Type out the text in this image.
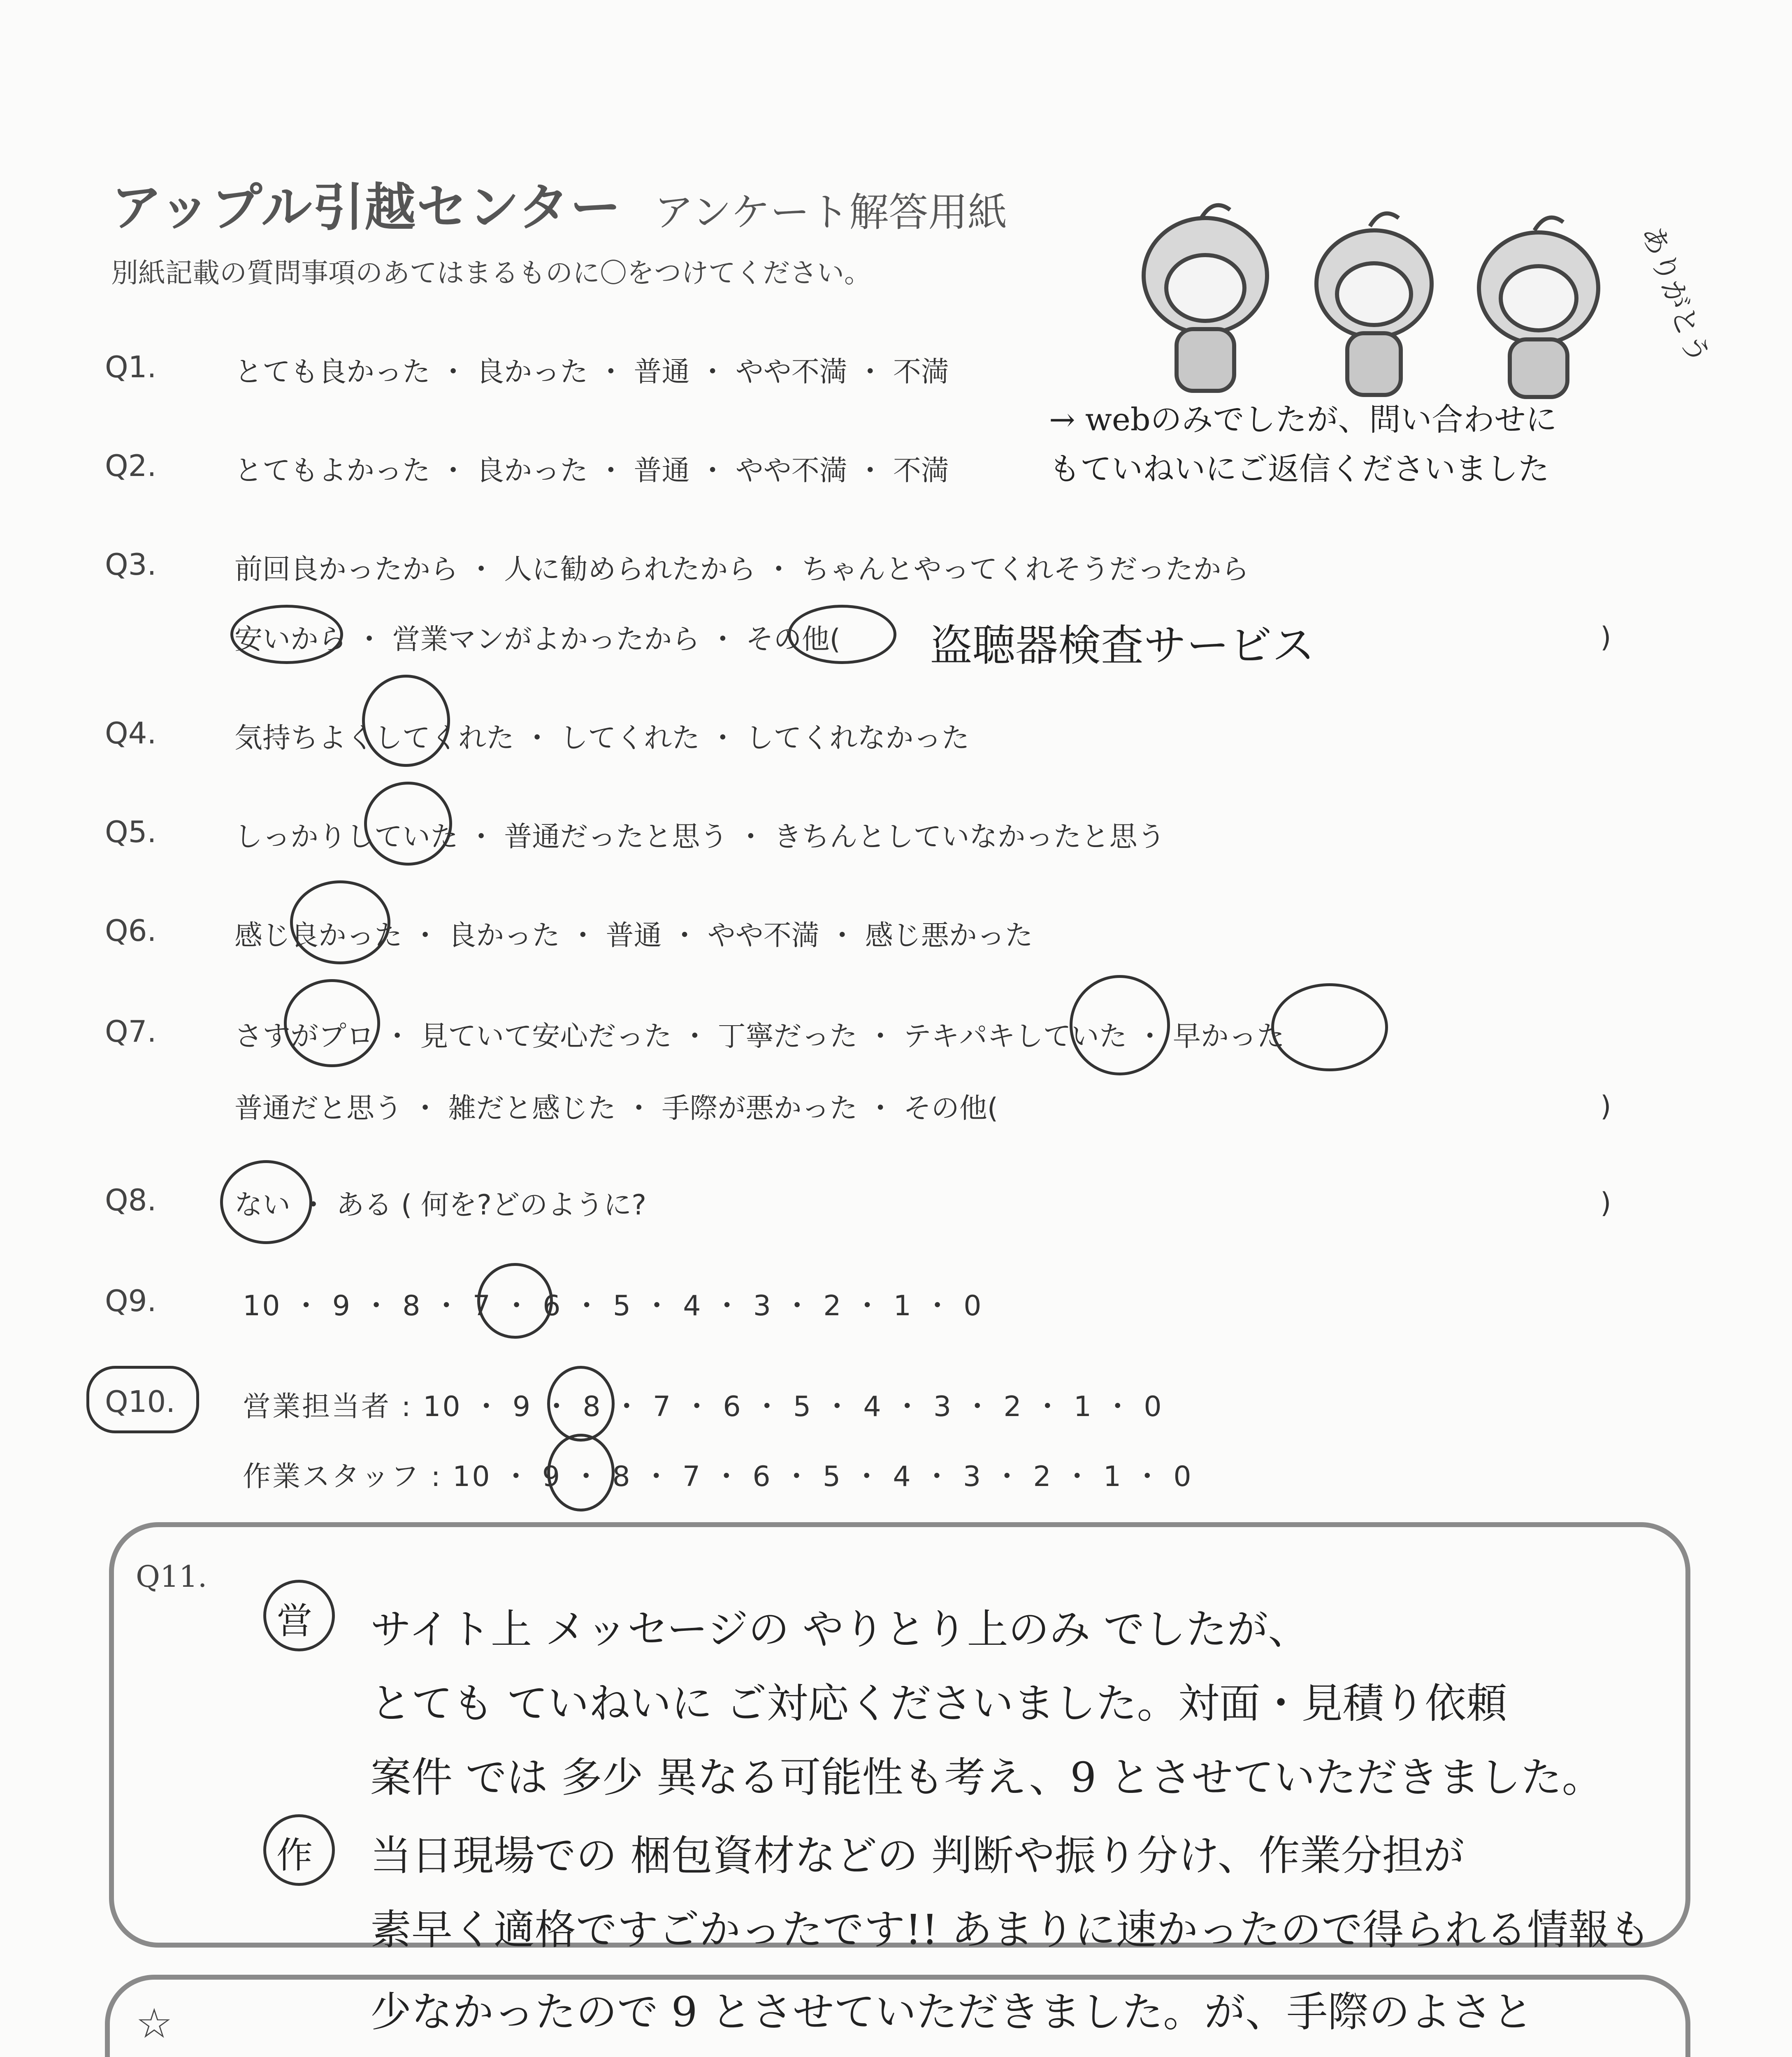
アップル引越センター アンケート解答用紙
別紙記載の質問事項のあてはまるものに〇をつけてください。	ありがとう
Q1.	とても良かった ・ 良かった ・ 普通 ・ やや不満 ・ 不満
→ webのみでしたが、問い合わせにもていねいにご返信くださいました
Q2.	とてもよかった ・ 良かった ・ 普通 ・ やや不満 ・ 不満
Q3.	前回良かったから ・ 人に勧められたから ・ ちゃんとやってくれそうだったから
安いから ・ 営業マンがよかったから ・ その他( 盗聴器検査サービス	)
Q4.	気持ちよくしてくれた ・ してくれた ・ してくれなかった
Q5.	しっかりしていた ・ 普通だったと思う ・ きちんとしていなかったと思う
Q6.	感じ良かった ・ 良かった ・ 普通 ・ やや不満 ・ 感じ悪かった
Q7.	さすがプロ ・ 見ていて安心だった ・ 丁寧だった ・ テキパキしていた ・ 早かった
普通だと思う ・ 雑だと感じた ・ 手際が悪かった ・ その他(	)
Q8.	ない ・ ある ( 何を?どのように?	)
Q9.	10 ・ 9 ・ 8 ・ 7 ・ 6 ・ 5 ・ 4 ・ 3 ・ 2 ・ 1 ・ 0
Q10. 営業担当者 : 10 ・ 9 ・ 8 ・ 7 ・ 6 ・ 5 ・ 4 ・ 3 ・ 2 ・ 1 ・ 0
作業スタッフ : 10 ・ 9 ・ 8 ・ 7 ・ 6 ・ 5 ・ 4 ・ 3 ・ 2 ・ 1 ・ 0
Q11.
営
作
サイト上 メッセージの やりとり上のみ でしたが、
とても ていねいに ご対応くださいました。対面・見積り依頼
案件 では 多少 異なる可能性も考え、9 とさせていただきました。
当日現場での 梱包資材などの 判断や振り分け、作業分担が
素早く適格ですごかったです!! あまりに速かったので得られる情報も
☆	少なかったので 9 とさせていただきました。が、手際のよさと
